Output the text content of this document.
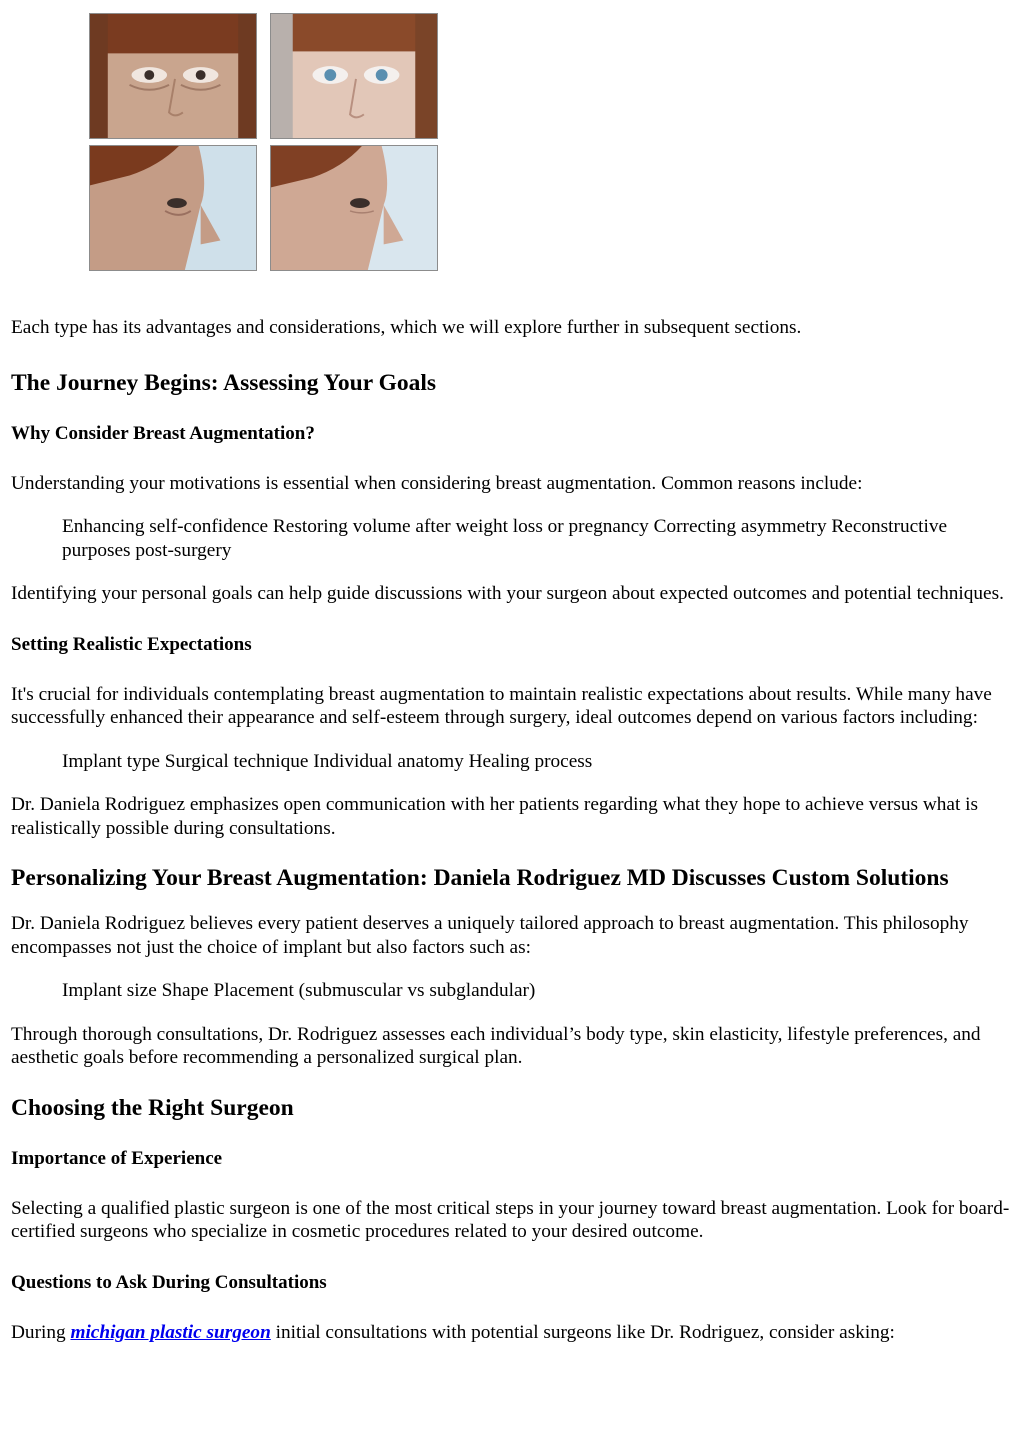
Each type has its advantages and considerations, which we will explore further in subsequent sections.

The Journey Begins: Assessing Your Goals
Why Consider Breast Augmentation?

Understanding your motivations is essential when considering breast augmentation. Common reasons include:

Enhancing self-confidence Restoring volume after weight loss or pregnancy Correcting asymmetry Reconstructive purposes post-surgery

Identifying your personal goals can help guide discussions with your surgeon about expected outcomes and potential techniques.

Setting Realistic Expectations

It's crucial for individuals contemplating breast augmentation to maintain realistic expectations about results. While many have successfully enhanced their appearance and self-esteem through surgery, ideal outcomes depend on various factors including:

Implant type Surgical technique Individual anatomy Healing process

Dr. Daniela Rodriguez emphasizes open communication with her patients regarding what they hope to achieve versus what is realistically possible during consultations.

Personalizing Your Breast Augmentation: Daniela Rodriguez MD Discusses Custom Solutions

Dr. Daniela Rodriguez believes every patient deserves a uniquely tailored approach to breast augmentation. This philosophy encompasses not just the choice of implant but also factors such as:

Implant size Shape Placement (submuscular vs subglandular)

Through thorough consultations, Dr. Rodriguez assesses each individual’s body type, skin elasticity, lifestyle preferences, and aesthetic goals before recommending a personalized surgical plan.

Choosing the Right Surgeon
Importance of Experience

Selecting a qualified plastic surgeon is one of the most critical steps in your journey toward breast augmentation. Look for board-certified surgeons who specialize in cosmetic procedures related to your desired outcome.

Questions to Ask During Consultations

During michigan plastic surgeon initial consultations with potential surgeons like Dr. Rodriguez, consider asking:
